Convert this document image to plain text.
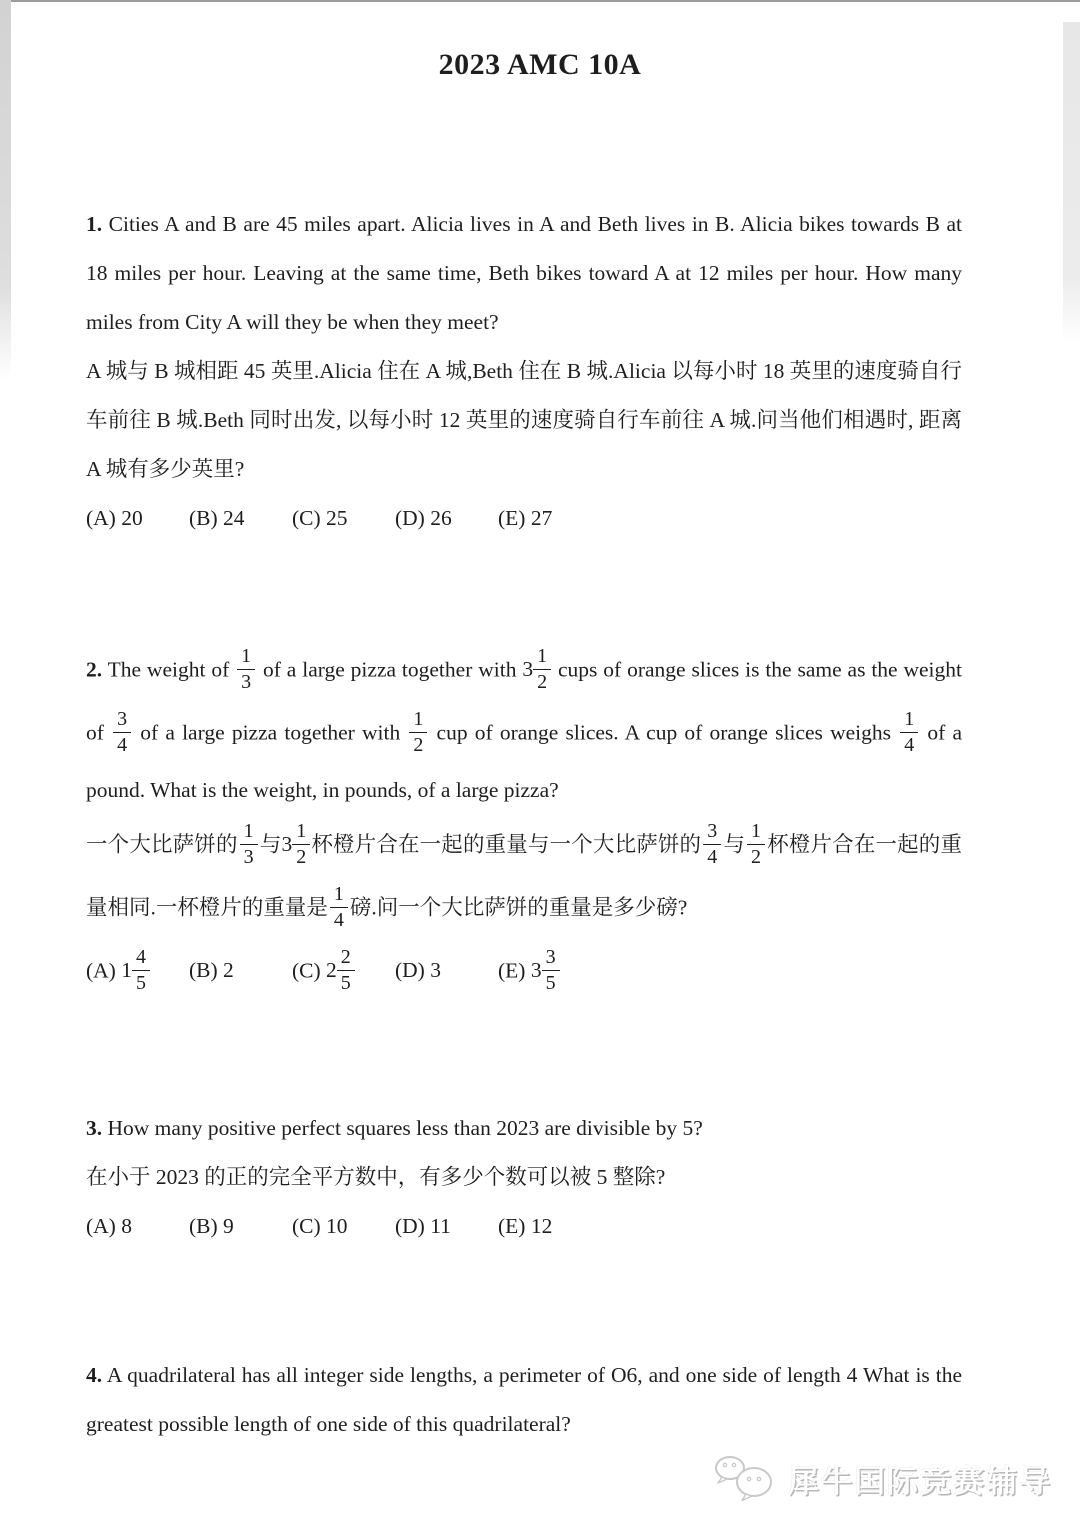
2023 AMC 10A

1. Cities A and B are 45 miles apart. Alicia lives in A and Beth lives in B. Alicia bikes towards B at 18 miles per hour. Leaving at the same time, Beth bikes toward A at 12 miles per hour. How many miles from City A will they be when they meet?

A 城与 B 城相距 45 英里.Alicia 住在 A 城,Beth 住在 B 城.Alicia 以每小时 18 英里的速度骑自行车前往 B 城.Beth 同时出发, 以每小时 12 英里的速度骑自行车前往 A 城.问当他们相遇时, 距离 A 城有多少英里?

(A) 20 (B) 24 (C) 25 (D) 26 (E) 27

2. The weight of $\frac{1}{3}$ of a large pizza together with $3 \frac{1}{2}$ cups of orange slices is the same as the weight of $\frac{3}{4}$ of a large pizza together with $\frac{1}{2}$ cup of orange slices. A cup of orange slices weighs $\frac{1}{4}$ of a pound. What is the weight, in pounds, of a large pizza?

一个大比萨饼的 $\frac{1}{3}$ 与 $3 \frac{1}{2}$ 杯橙片合在一起的重量与一个大比萨饼的 $\frac{3}{4}$ 与 $\frac{1}{2}$ 杯橙片合在一起的重量相同.一杯橙片的重量是 $\frac{1}{4}$ 磅.问一个大比萨饼的重量是多少磅?

(A) $1 \frac{4}{5} (B)$ 2	(C) $2 \frac{2}{5} (D)$ 3	(E) $3 \frac{3}{5}$

3. How many positive perfect squares less than 2023 are divisible by 5?

在小于 2023 的正的完全平方数中，有多少个数可以被 5 整除?

(A) 8	(B) 9	(C) 10 (D) 11 (E) 12

4. A quadrilateral has all integer side lengths, a perimeter of O6, and one side of length 4 What is the greatest possible length of one side of this quadrilateral?

犀牛国际竞赛辅导
